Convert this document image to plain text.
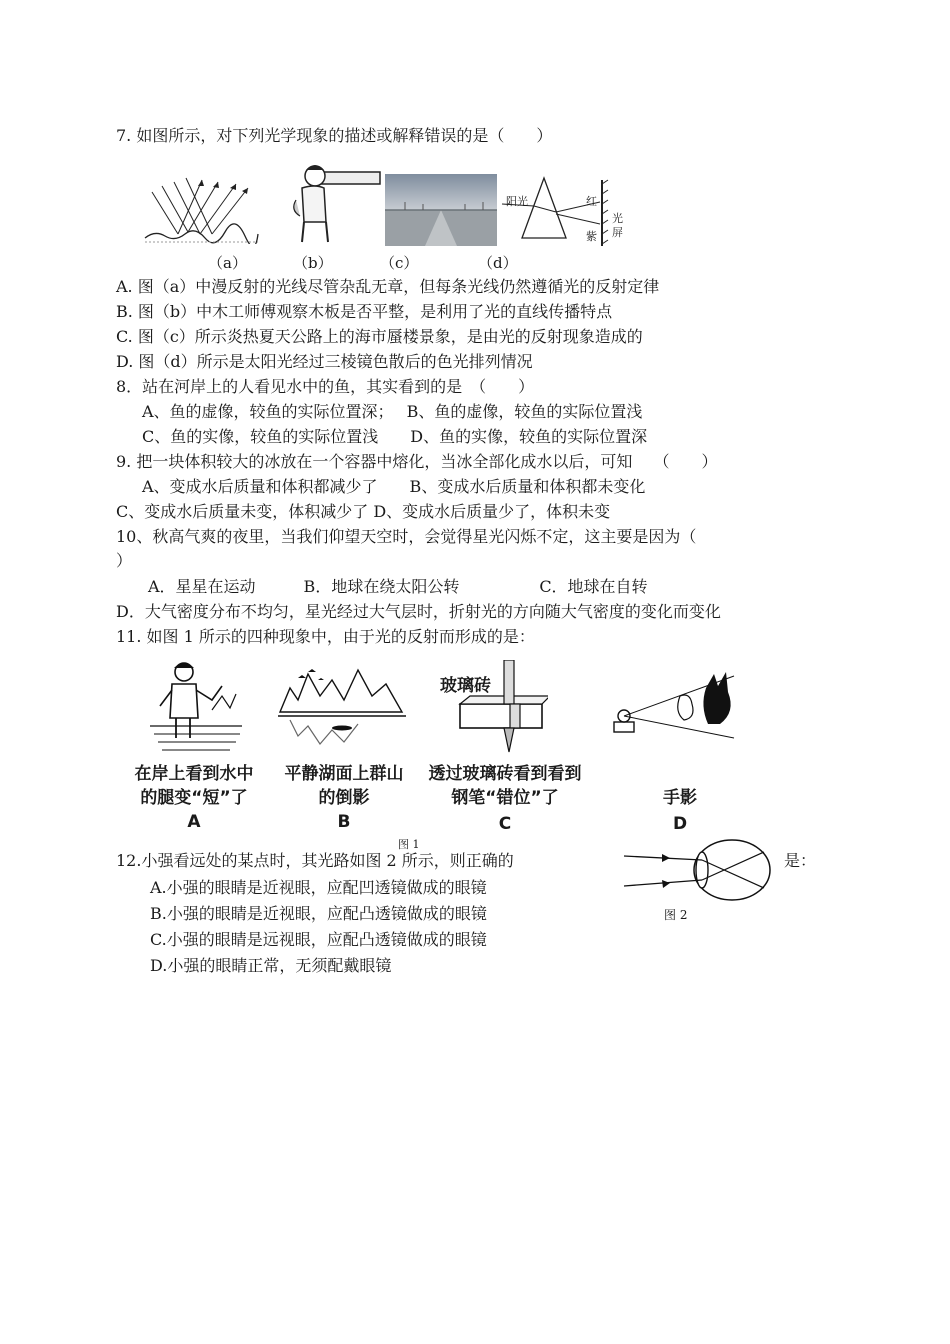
7. 如图所示，对下列光学现象的描述或解释错误的是（　　）
阳光	红
紫
光
屏
（a）	（b）	（c）	（d）
A. 图（a）中漫反射的光线尽管杂乱无章，但每条光线仍然遵循光的反射定律
B. 图（b）中木工师傅观察木板是否平整，是利用了光的直线传播特点
C. 图（c）所示炎热夏天公路上的海市蜃楼景象，是由光的反射现象造成的
D. 图（d）所示是太阳光经过三棱镜色散后的色光排列情况
8．站在河岸上的人看见水中的鱼，其实看到的是　（　　）
A、鱼的虚像，较鱼的实际位置深；　 B、鱼的虚像，较鱼的实际位置浅
C、鱼的实像，较鱼的实际位置浅　　D、鱼的实像，较鱼的实际位置深
9. 把一块体积较大的冰放在一个容器中熔化，当冰全部化成水以后，可知　 （　　）
A、变成水后质量和体积都减少了　　B、变成水后质量和体积都未变化
C、变成水后质量未变，体积减少了 D、变成水后质量少了，体积未变
10、秋高气爽的夜里，当我们仰望天空时，会觉得星光闪烁不定，这主要是因为（
）
A．星星在运动　　　B．地球在绕太阳公转　　　　　C．地球在自转
D．大气密度分布不均匀，星光经过大气层时，折射光的方向随大气密度的变化而变化
11. 如图 1 所示的四种现象中，由于光的反射而形成的是：
玻璃砖
在岸上看到水中
的腿变“短”了
A
平静湖面上群山
的倒影
B
透过玻璃砖看到看到
钢笔“错位”了
C
手影
D
图 1
12.小强看远处的某点时，其光路如图 2 所示，则正确的	是：
图 2
A.小强的眼睛是近视眼，应配凹透镜做成的眼镜
B.小强的眼睛是近视眼，应配凸透镜做成的眼镜
C.小强的眼睛是远视眼，应配凸透镜做成的眼镜
D.小强的眼睛正常，无须配戴眼镜
